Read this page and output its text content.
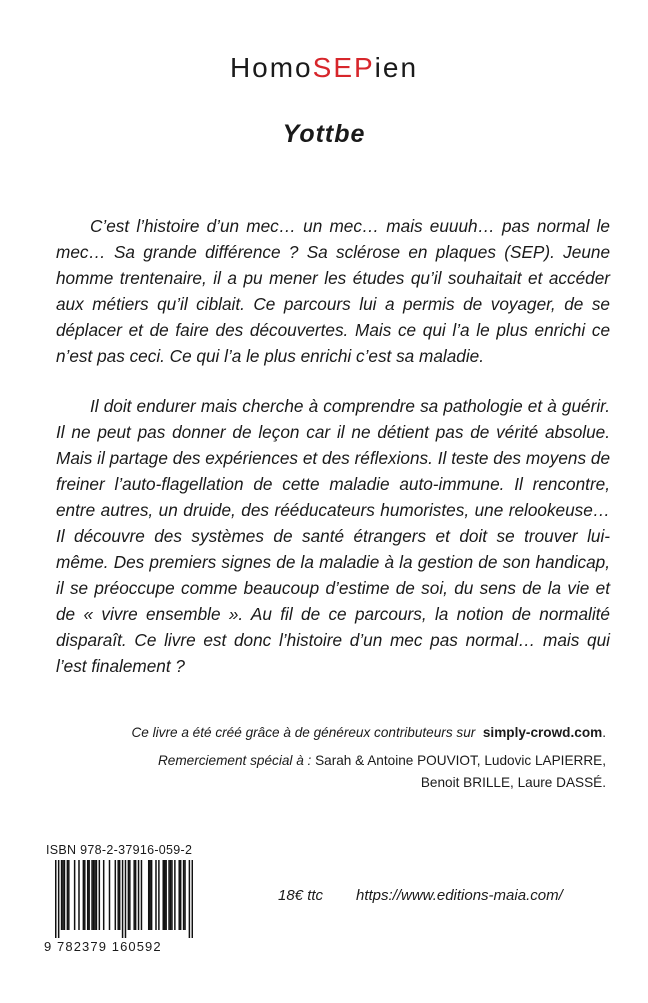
HomoSEPien
Yottbe

C’est l’histoire d’un mec… un mec… mais euuuh… pas normal le mec… Sa grande différence ? Sa sclérose en plaques (SEP). Jeune homme trentenaire, il a pu mener les études qu’il souhaitait et accéder aux métiers qu’il ciblait. Ce parcours lui a permis de voyager, de se déplacer et de faire des découvertes. Mais ce qui l’a le plus enrichi ce n’est pas ceci. Ce qui l’a le plus enrichi c’est sa maladie.

Il doit endurer mais cherche à comprendre sa pathologie et à guérir. Il ne peut pas donner de leçon car il ne détient pas de vérité absolue. Mais il partage des expériences et des réflexions. Il teste des moyens de freiner l’auto-flagellation de cette maladie auto-immune. Il rencontre, entre autres, un druide, des rééducateurs humoristes, une relookeuse… Il découvre des systèmes de santé étrangers et doit se trouver lui-même. Des premiers signes de la maladie à la gestion de son handicap, il se préoccupe comme beaucoup d’estime de soi, du sens de la vie et de « vivre ensemble ». Au fil de ce parcours, la notion de normalité disparaît. Ce livre est donc l’histoire d’un mec pas normal… mais qui l’est finalement ?

Ce livre a été créé grâce à de généreux contributeurs sur simply-crowd.com.
Remerciement spécial à : Sarah & Antoine POUVIOT, Ludovic LAPIERRE,
Benoit BRILLE, Laure DASSÉ.
ISBN 978-2-37916-059-2
9 782379 160592
18€ ttc https://www.editions-maia.com/
